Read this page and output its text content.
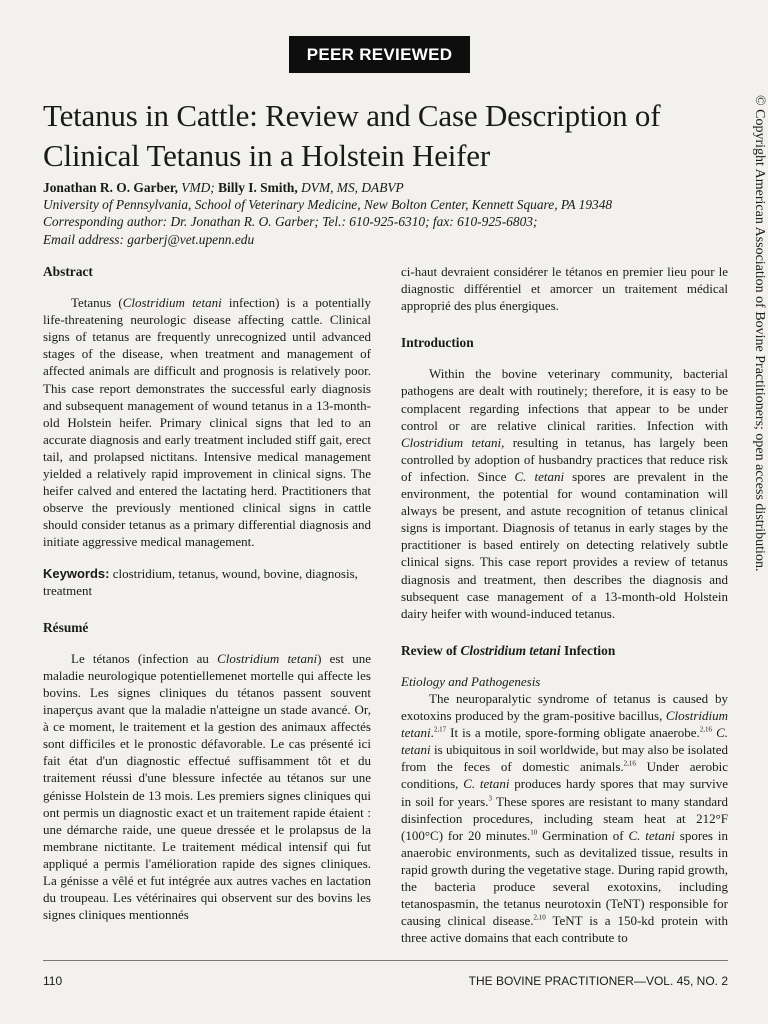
PEER REVIEWED
Tetanus in Cattle: Review and Case Description of Clinical Tetanus in a Holstein Heifer

Jonathan R. O. Garber, VMD; Billy I. Smith, DVM, MS, DABVP

University of Pennsylvania, School of Veterinary Medicine, New Bolton Center, Kennett Square, PA 19348

Corresponding author: Dr. Jonathan R. O. Garber; Tel.: 610-925-6310; fax: 610-925-6803;

Email address: garberj@vet.upenn.edu

Abstract

Tetanus (Clostridium tetani infection) is a potentially life-threatening neurologic disease affecting cattle. Clinical signs of tetanus are frequently unrecognized until advanced stages of the disease, when treatment and management of affected animals are difficult and prognosis is relatively poor. This case report demonstrates the successful early diagnosis and subsequent management of wound tetanus in a 13-month-old Holstein heifer. Primary clinical signs that led to an accurate diagnosis and early treatment included stiff gait, erect tail, and prolapsed nictitans. Intensive medical management yielded a relatively rapid improvement in clinical signs. The heifer calved and entered the lactating herd. Practitioners that observe the previously mentioned clinical signs in cattle should consider tetanus as a primary differential diagnosis and initiate aggressive medical management.

Keywords: clostridium, tetanus, wound, bovine, diagnosis, treatment

Résumé

Le tétanos (infection au Clostridium tetani) est une maladie neurologique potentiellemenet mortelle qui affecte les bovins. Les signes cliniques du tétanos passent souvent inaperçus avant que la maladie n'atteigne un stade avancé. Or, à ce moment, le traitement et la gestion des animaux affectés sont difficiles et le pronostic défavorable. Le cas présenté ici fait état d'un diagnostic effectué suffisamment tôt et du traitement réussi d'une blessure infectée au tétanos sur une génisse Holstein de 13 mois. Les premiers signes cliniques qui ont permis un diagnostic exact et un traitement rapide étaient : une démarche raide, une queue dressée et le prolapsus de la membrane nictitante. Le traitement médical intensif qui fut appliqué a permis l'amélioration rapide des signes cliniques. La génisse a vêlé et fut intégrée aux autres vaches en lactation du troupeau. Les vétérinaires qui observent sur des bovins les signes cliniques mentionnés

ci-haut devraient considérer le tétanos en premier lieu pour le diagnostic différentiel et amorcer un traitement médical approprié des plus énergiques.

Introduction

Within the bovine veterinary community, bacterial pathogens are dealt with routinely; therefore, it is easy to be complacent regarding infections that appear to be under control or are relative clinical rarities. Infection with Clostridium tetani, resulting in tetanus, has largely been controlled by adoption of husbandry practices that reduce risk of infection. Since C. tetani spores are prevalent in the environment, the potential for wound contamination will always be present, and astute recognition of tetanus clinical signs is important. Diagnosis of tetanus in early stages by the practitioner is based entirely on detecting relatively subtle clinical signs. This case report provides a review of tetanus diagnosis and treatment, then describes the diagnosis and subsequent case management of a 13-month-old Holstein dairy heifer with wound-induced tetanus.

Review of Clostridium tetani Infection

Etiology and Pathogenesis

The neuroparalytic syndrome of tetanus is caused by exotoxins produced by the gram-positive bacillus, Clostridium tetani.$^{2,17}$ It is a motile, spore-forming obligate anaerobe.$^{2,16}$ C. tetani is ubiquitous in soil worldwide, but may also be isolated from the feces of domestic animals.$^{2,16}$ Under aerobic conditions, C. tetani produces hardy spores that may survive in soil for years.$^3$ These spores are resistant to many standard disinfection procedures, including steam heat at 212°F (100°C) for 20 minutes.$^{10}$ Germination of C. tetani spores in anaerobic environments, such as devitalized tissue, results in rapid growth during the vegetative stage. During rapid growth, the bacteria produce several exotoxins, including tetanospasmin, the tetanus neurotoxin (TeNT) responsible for causing clinical disease.$^{2,10}$ TeNT is a 150-kd protein with three active domains that each contribute to

© Copyright American Association of Bovine Practitioners; open access distribution.
110	THE BOVINE PRACTITIONER—VOL. 45, NO. 2
